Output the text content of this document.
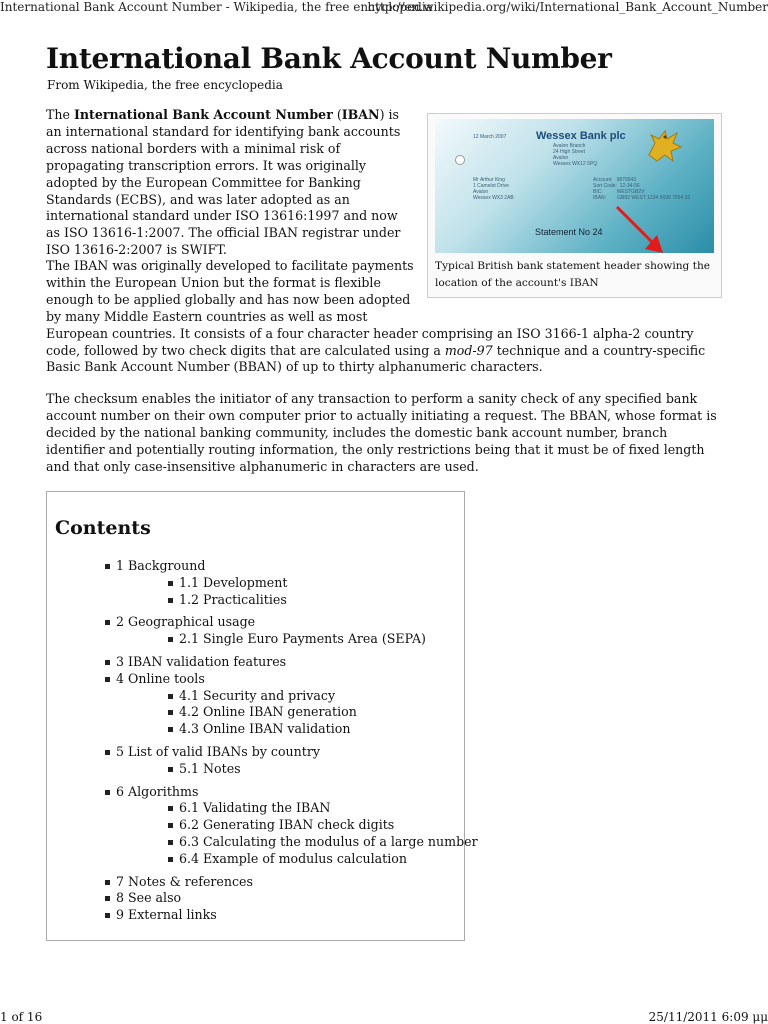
International Bank Account Number - Wikipedia, the free encyclopedia
http://en.wikipedia.org/wiki/International_Bank_Account_Number
International Bank Account Number
From Wikipedia, the free encyclopedia

The International Bank Account Number (IBAN) is an international standard for identifying bank accounts across national borders with a minimal risk of propagating transcription errors. It was originally adopted by the European Committee for Banking Standards (ECBS), and was later adopted as an international standard under ISO 13616:1997 and now as ISO 13616-1:2007. The official IBAN registrar under ISO 13616-2:2007 is SWIFT.

The IBAN was originally developed to facilitate payments within the European Union but the format is flexible enough to be applied globally and has now been adopted by many Middle Eastern countries as well as most European countries. It consists of a four character header comprising an ISO 3166-1 alpha-2 country code, followed by two check digits that are calculated using a mod-97 technique and a country-specific Basic Bank Account Number (BBAN) of up to thirty alphanumeric characters.

The checksum enables the initiator of any transaction to perform a sanity check of any specified bank account number on their own computer prior to actually initiating a request. The BBAN, whose format is decided by the national banking community, includes the domestic bank account number, branch identifier and potentially routing information, the only restrictions being that it must be of fixed length and that only case-insensitive alphanumeric in characters are used.

12 March 2007	Wessex Bank plc
Avalon Branch
24 High Street
Avalon
Wessex WX12 5PQ
Mr Arthur King
1 Camelot Drive
Avalon
Wessex WX3 2AB
Account:   9876543
Sort Code:  12-34-56
BIC:          WESTGB2V
IBAN:        GB82 WEST 1234 5698 7654 32
Statement No 24
Typical British bank statement header showing the location of the account's IBAN
Contents
1 Background
1.1 Development
1.2 Practicalities
2 Geographical usage
2.1 Single Euro Payments Area (SEPA)
3 IBAN validation features
4 Online tools
4.1 Security and privacy
4.2 Online IBAN generation
4.3 Online IBAN validation
5 List of valid IBANs by country
5.1 Notes
6 Algorithms
6.1 Validating the IBAN
6.2 Generating IBAN check digits
6.3 Calculating the modulus of a large number
6.4 Example of modulus calculation
7 Notes & references
8 See also
9 External links
1 of 16	25/11/2011 6:09 μμ
